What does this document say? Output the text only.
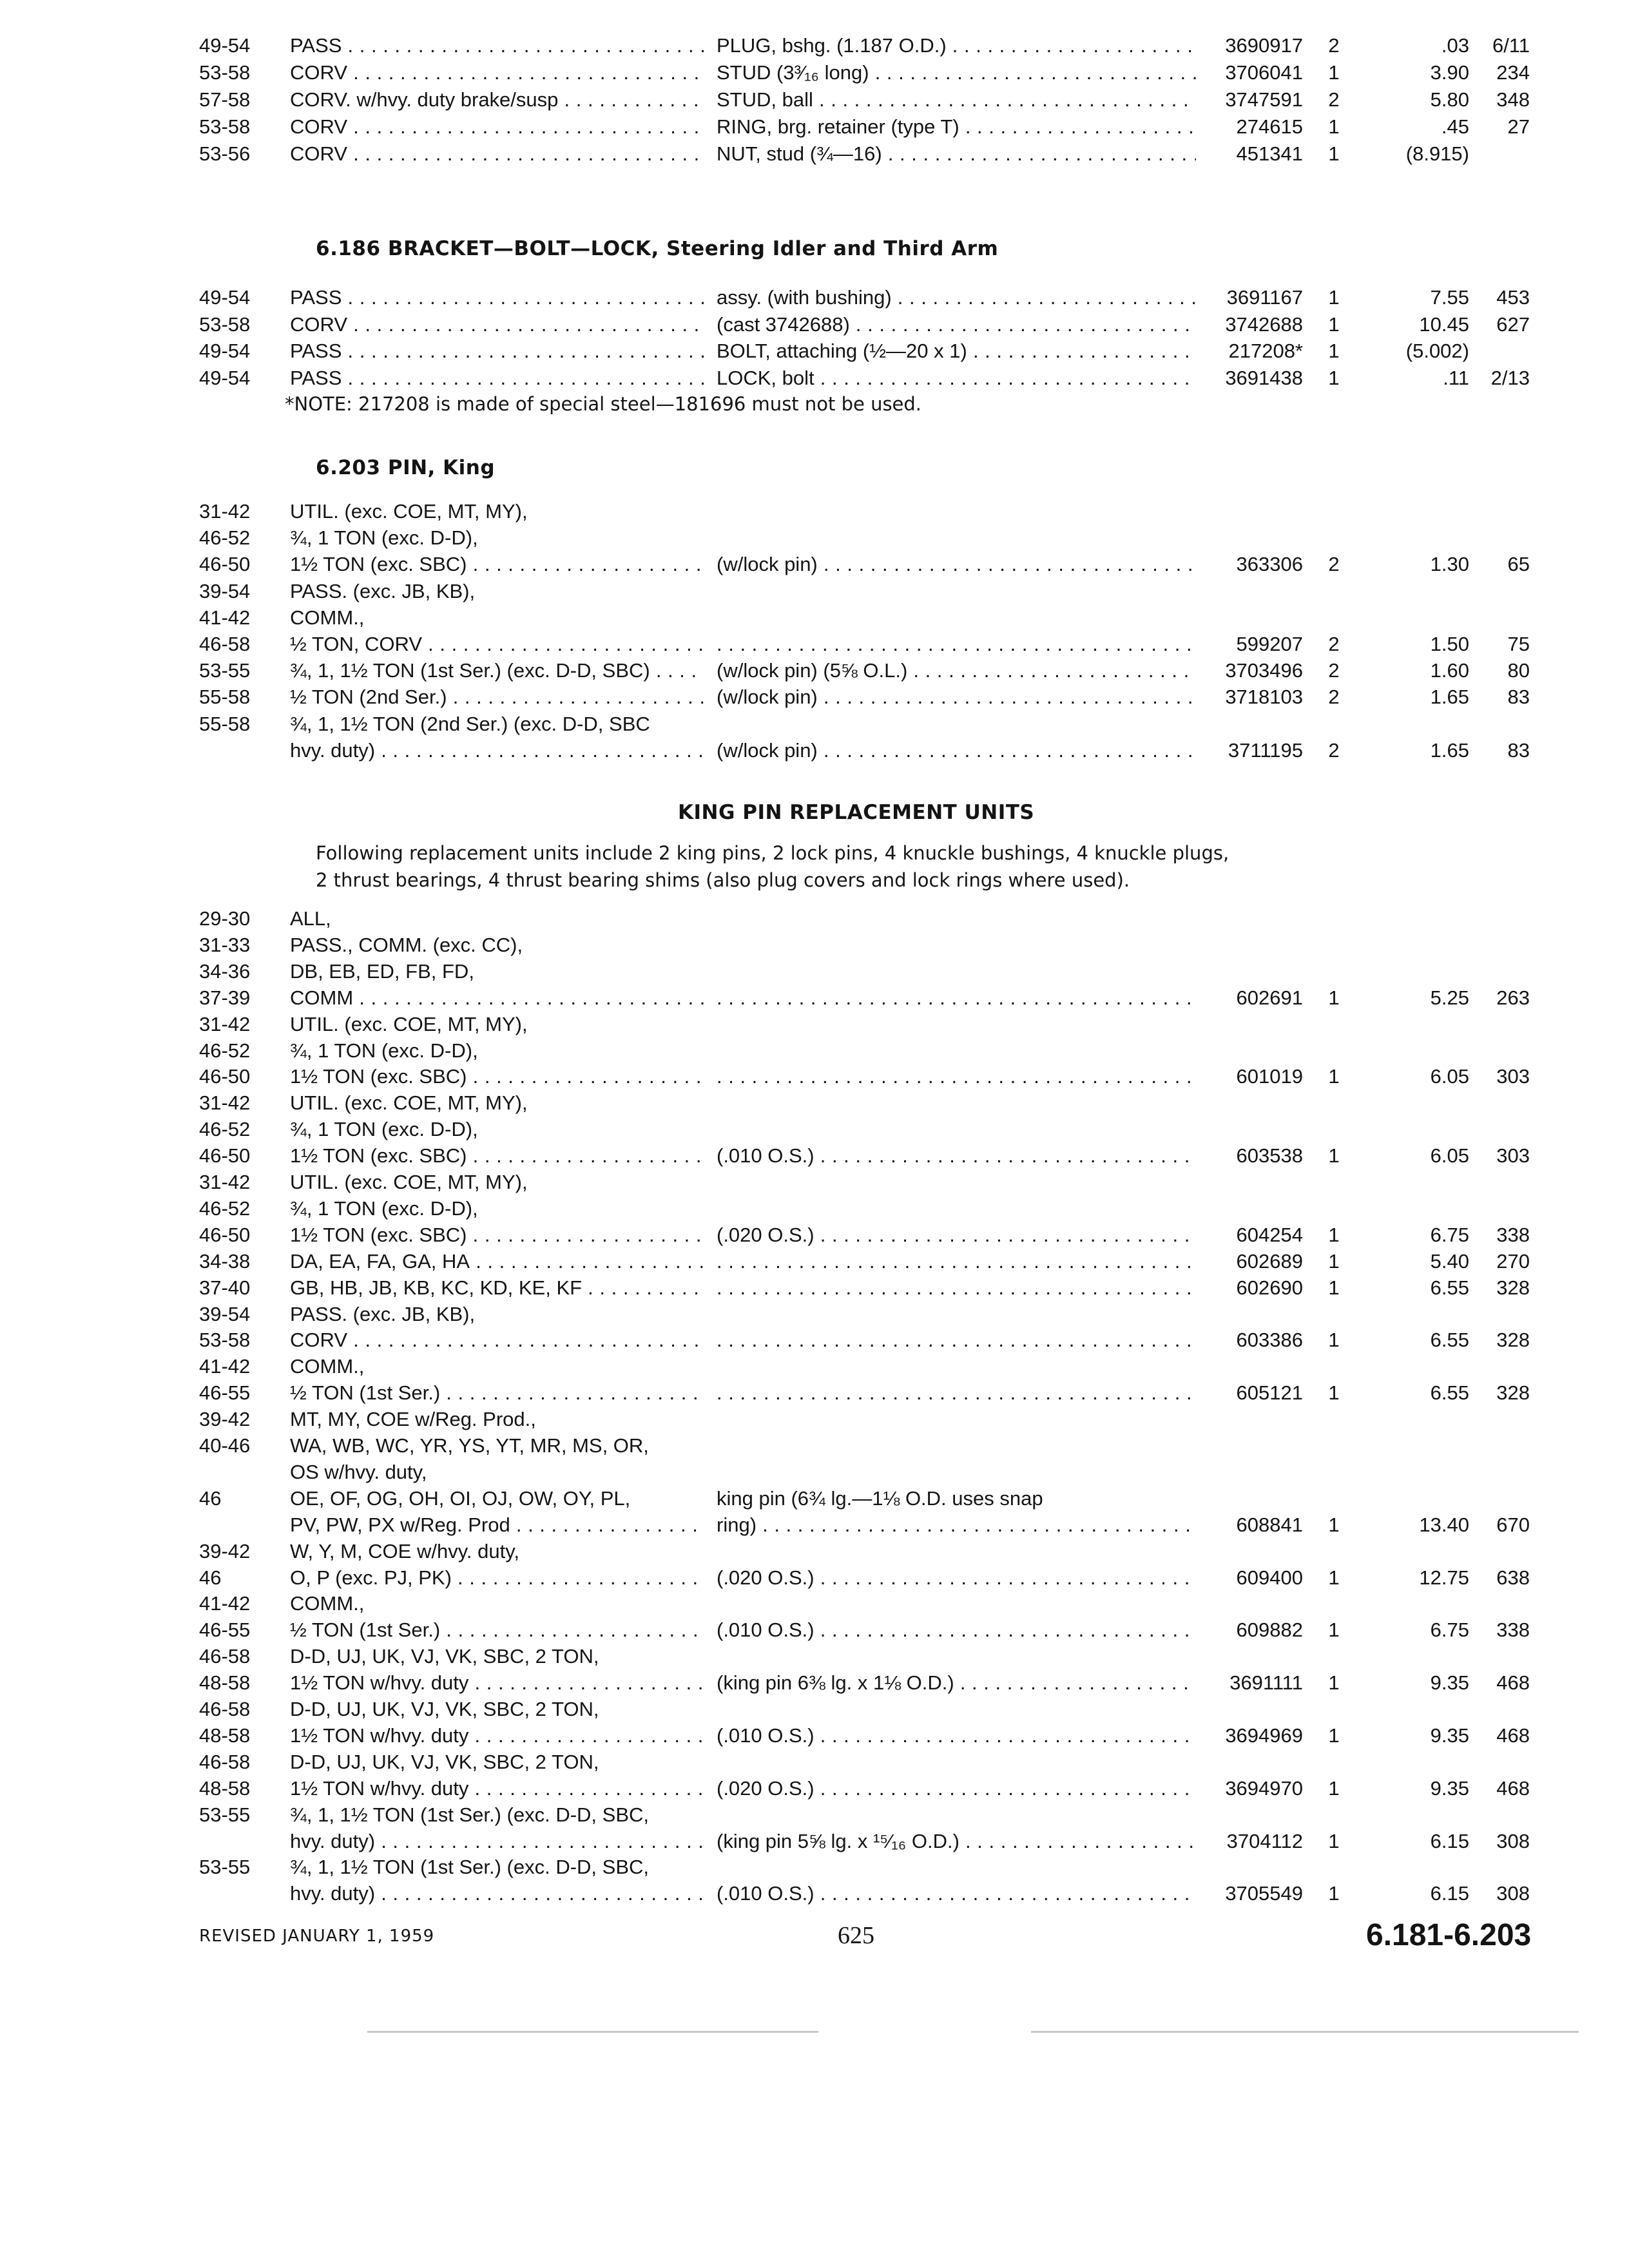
49-54	PASS . . .	PLUG, bshg. (1.187 O.D.) . . .	3690917	2	.03	6/11
53-58	CORV . . .	STUD (3³⁄₁₆ long) . . .	3706041	1	3.90	234
57-58	CORV. w/hvy. duty brake/susp . . .	STUD, ball . . .	3747591	2	5.80	348
53-58	CORV . . .	RING, brg. retainer (type T) . . .	274615	1	.45	27
53-56	CORV . . .	NUT, stud (¾—16) . . .	451341	1	(8.915)
6.186 BRACKET—BOLT—LOCK, Steering Idler and Third Arm
49-54	PASS . . .	assy. (with bushing) . . .	3691167	1	7.55	453
53-58	CORV . . .	(cast 3742688) . . .	3742688	1	10.45	627
49-54	PASS . . .	BOLT, attaching (½—20 x 1) . . .	217208*	1	(5.002)
49-54	PASS . . .	LOCK, bolt . . .	3691438	1	.11	2/13
*NOTE: 217208 is made of special steel—181696 must not be used.
6.203 PIN, King
31-42	UTIL. (exc. COE, MT, MY),
46-52	¾, 1 TON (exc. D-D),
46-50	1½ TON (exc. SBC) . . .	(w/lock pin) . . .	363306	2	1.30	65
39-54	PASS. (exc. JB, KB),
41-42	COMM.,
46-58	½ TON, CORV . . . . . .	599207	2	1.50	75
53-55	¾, 1, 1½ TON (1st Ser.) (exc. D-D, SBC) . . .	(w/lock pin) (5⅝ O.L.) . . .	3703496	2	1.60	80
55-58	½ TON (2nd Ser.) . . .	(w/lock pin) . . .	3718103	2	1.65	83
55-58	¾, 1, 1½ TON (2nd Ser.) (exc. D-D, SBC
hvy. duty) . . .	(w/lock pin) . . .	3711195	2	1.65	83
KING PIN REPLACEMENT UNITS
Following replacement units include 2 king pins, 2 lock pins, 4 knuckle bushings, 4 knuckle plugs, 2 thrust bearings, 4 thrust bearing shims (also plug covers and lock rings where used).
29-30	ALL,
31-33	PASS., COMM. (exc. CC),
34-36	DB, EB, ED, FB, FD,
37-39	COMM . . . . . .	602691	1	5.25	263
31-42	UTIL. (exc. COE, MT, MY),
46-52	¾, 1 TON (exc. D-D),
46-50	1½ TON (exc. SBC) . . . . . .	601019	1	6.05	303
31-42	UTIL. (exc. COE, MT, MY),
46-52	¾, 1 TON (exc. D-D),
46-50	1½ TON (exc. SBC) . . .	(.010 O.S.) . . .	603538	1	6.05	303
31-42	UTIL. (exc. COE, MT, MY),
46-52	¾, 1 TON (exc. D-D),
46-50	1½ TON (exc. SBC) . . .	(.020 O.S.) . . .	604254	1	6.75	338
34-38	DA, EA, FA, GA, HA . . . . . .	602689	1	5.40	270
37-40	GB, HB, JB, KB, KC, KD, KE, KF . . . . . .	602690	1	6.55	328
39-54	PASS. (exc. JB, KB),
53-58	CORV . . . . . .	603386	1	6.55	328
41-42	COMM.,
46-55	½ TON (1st Ser.) . . . . . .	605121	1	6.55	328
39-42	MT, MY, COE w/Reg. Prod.,
40-46	WA, WB, WC, YR, YS, YT, MR, MS, OR,
OS w/hvy. duty,
46	OE, OF, OG, OH, OI, OJ, OW, OY, PL,	king pin (6¾ lg.—1⅛ O.D. uses snap
PV, PW, PX w/Reg. Prod . . .	ring) . . .	608841	1	13.40	670
39-42	W, Y, M, COE w/hvy. duty,
46	O, P (exc. PJ, PK) . . .	(.020 O.S.) . . .	609400	1	12.75	638
41-42	COMM.,
46-55	½ TON (1st Ser.) . . .	(.010 O.S.) . . .	609882	1	6.75	338
46-58	D-D, UJ, UK, VJ, VK, SBC, 2 TON,
48-58	1½ TON w/hvy. duty . . .	(king pin 6⅜ lg. x 1⅛ O.D.) . . .	3691111	1	9.35	468
46-58	D-D, UJ, UK, VJ, VK, SBC, 2 TON,
48-58	1½ TON w/hvy. duty . . .	(.010 O.S.) . . .	3694969	1	9.35	468
46-58	D-D, UJ, UK, VJ, VK, SBC, 2 TON,
48-58	1½ TON w/hvy. duty . . .	(.020 O.S.) . . .	3694970	1	9.35	468
53-55	¾, 1, 1½ TON (1st Ser.) (exc. D-D, SBC,
hvy. duty) . . .	(king pin 5⅝ lg. x ¹⁵⁄₁₆ O.D.) . . .	3704112	1	6.15	308
53-55	¾, 1, 1½ TON (1st Ser.) (exc. D-D, SBC,
hvy. duty) . . .	(.010 O.S.) . . .	3705549	1	6.15	308
REVISED JANUARY 1, 1959	625	6.181-6.203
